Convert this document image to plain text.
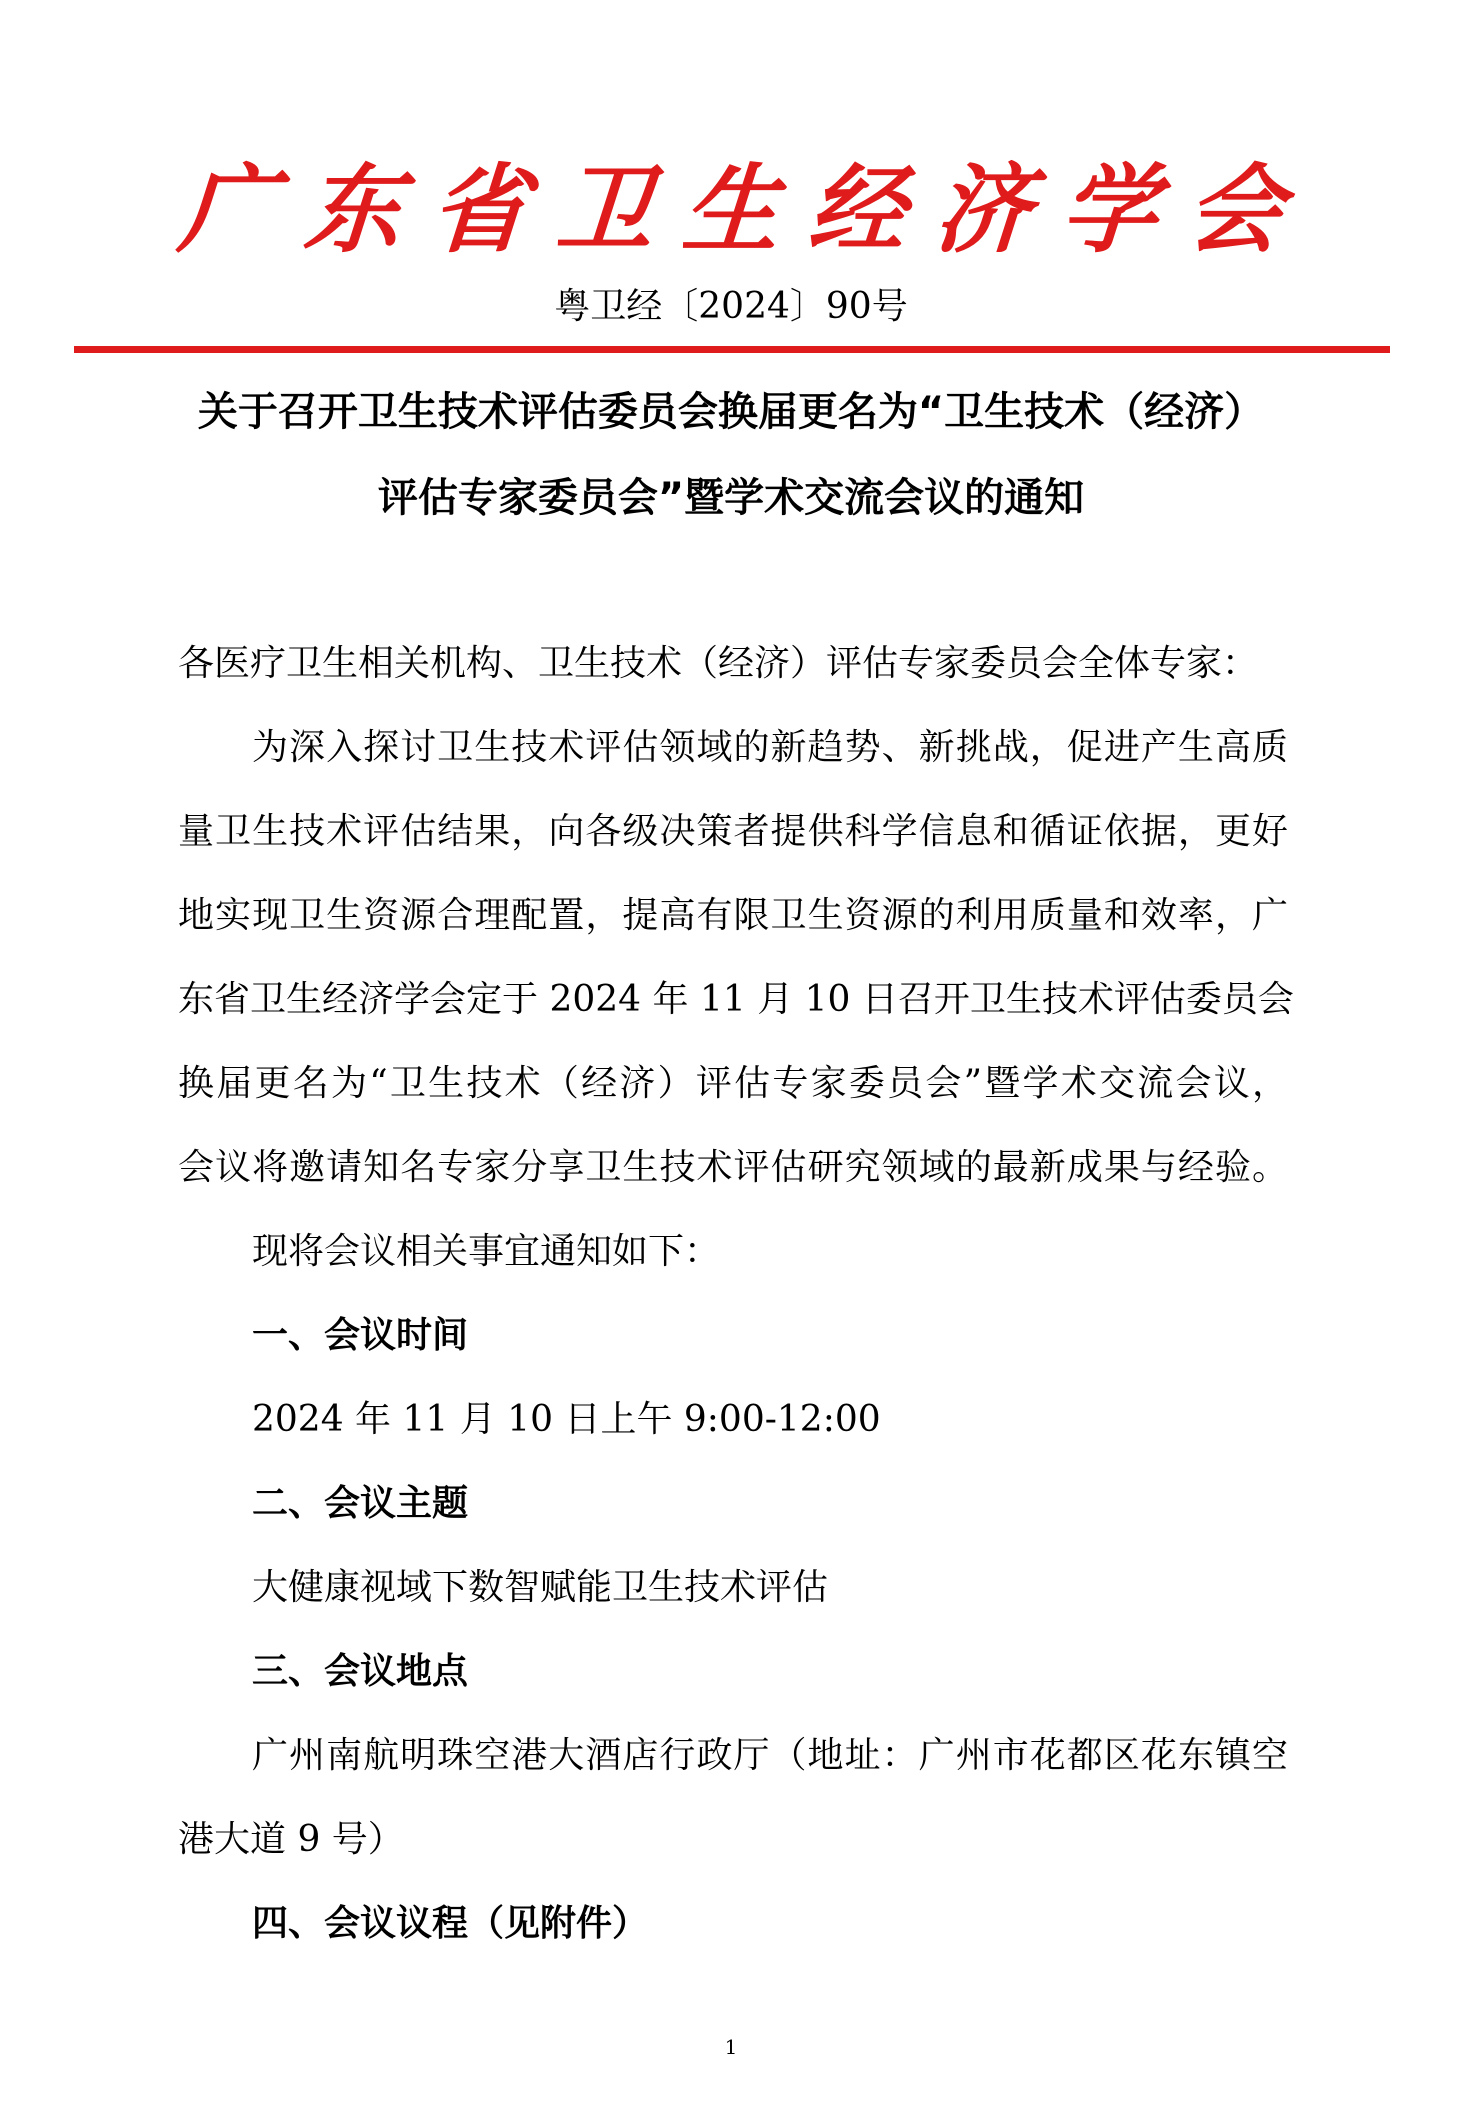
广东省卫生经济学会
粤卫经〔2024〕90号
关于召开卫生技术评估委员会换届更名为“卫生技术（经济）
评估专家委员会”暨学术交流会议的通知
各医疗卫生相关机构、卫生技术（经济）评估专家委员会全体专家：
为深入探讨卫生技术评估领域的新趋势、新挑战，促进产生高质
量卫生技术评估结果，向各级决策者提供科学信息和循证依据，更好
地实现卫生资源合理配置，提高有限卫生资源的利用质量和效率，广
东省卫生经济学会定于 2024 年 11 月 10 日召开卫生技术评估委员会
换届更名为“卫生技术（经济）评估专家委员会”暨学术交流会议，
会议将邀请知名专家分享卫生技术评估研究领域的最新成果与经验。
现将会议相关事宜通知如下：
一、会议时间
2024 年 11 月 10 日上午 9:00-12:00
二、会议主题
大健康视域下数智赋能卫生技术评估
三、会议地点
广州南航明珠空港大酒店行政厅（地址：广州市花都区花东镇空
港大道 9 号）
四、会议议程（见附件）
1
